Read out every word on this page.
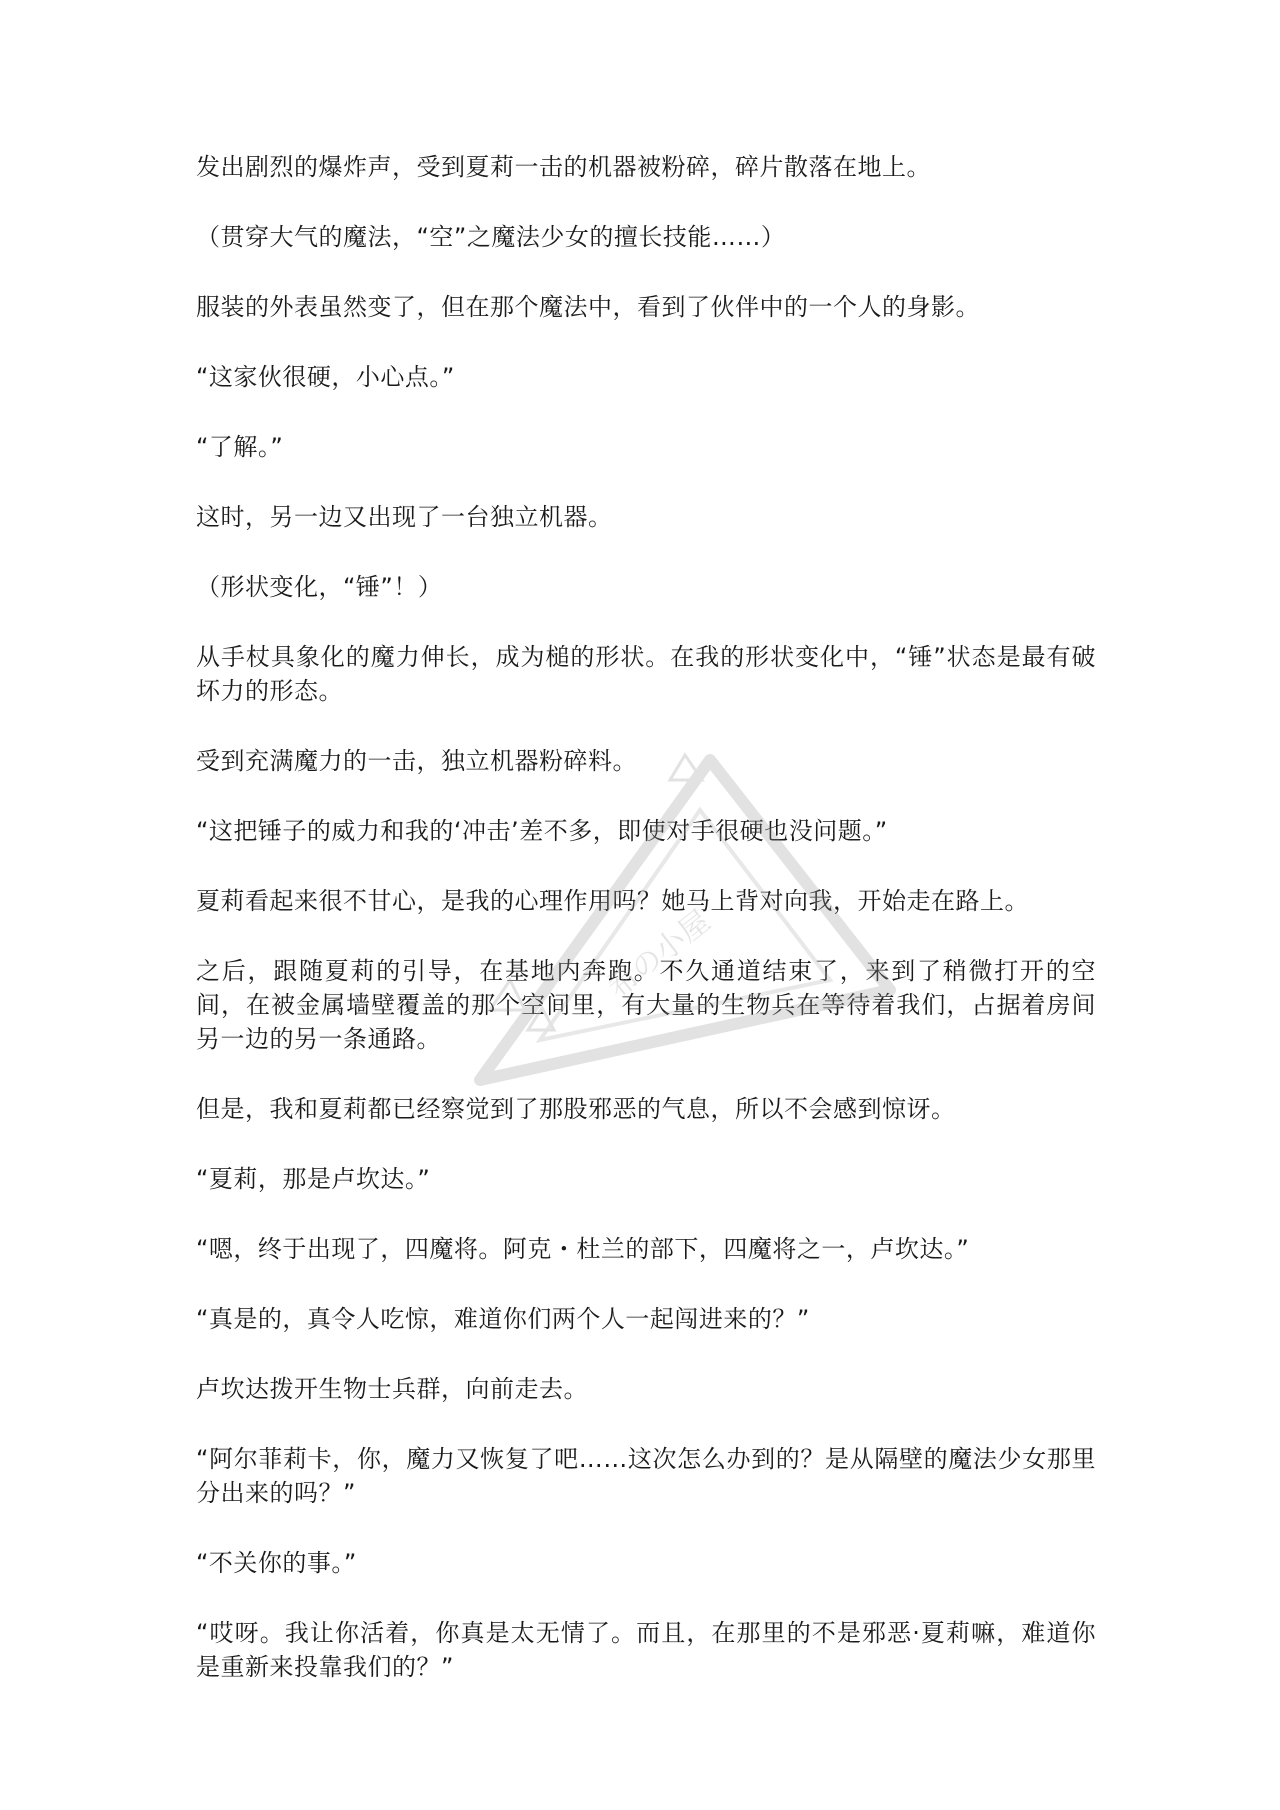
发出剧烈的爆炸声，受到夏莉一击的机器被粉碎，碎片散落在地上。

（贯穿大气的魔法，“空”之魔法少女的擅长技能……）

服装的外表虽然变了，但在那个魔法中，看到了伙伴中的一个人的身影。

“这家伙很硬，小心点。”

“了解。”

这时，另一边又出现了一台独立机器。

（形状变化，“锤”！）

从手杖具象化的魔力伸长，成为槌的形状。在我的形状变化中，“锤”状态是最有破坏力的形态。

受到充满魔力的一击，独立机器粉碎料。

“这把锤子的威力和我的‘冲击’差不多，即使对手很硬也没问题。”

夏莉看起来很不甘心，是我的心理作用吗？她马上背对向我，开始走在路上。

之后，跟随夏莉的引导，在基地内奔跑。不久通道结束了，来到了稍微打开的空间，在被金属墙壁覆盖的那个空间里，有大量的生物兵在等待着我们，占据着房间另一边的另一条通路。

但是，我和夏莉都已经察觉到了那股邪恶的气息，所以不会感到惊讶。

“夏莉，那是卢坎达。”

“嗯，终于出现了，四魔将。阿克・杜兰的部下，四魔将之一，卢坎达。”

“真是的，真令人吃惊，难道你们两个人一起闯进来的？”

卢坎达拨开生物士兵群，向前走去。

“阿尔菲莉卡，你，魔力又恢复了吧……这次怎么办到的？是从隔壁的魔法少女那里分出来的吗？”

“不关你的事。”

“哎呀。我让你活着，你真是太无情了。而且，在那里的不是邪恶·夏莉嘛，难道你是重新来投靠我们的？”

希の小屋
